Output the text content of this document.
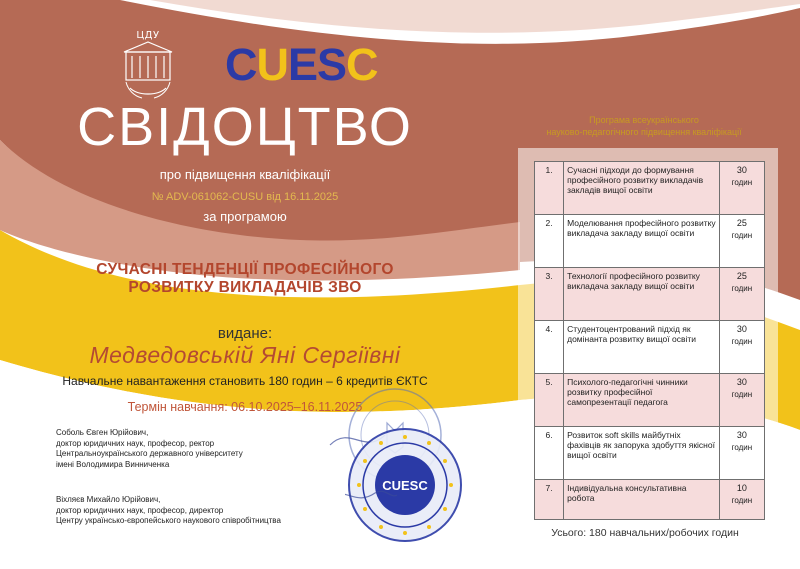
ЦДУ
CUESC
СВІДОЦТВО
про підвищення кваліфікації
№ ADV-061062-CUSU від 16.11.2025
за програмою
СУЧАСНІ ТЕНДЕНЦІЇ ПРОФЕСІЙНОГО РОЗВИТКУ ВИКЛАДАЧІВ ЗВО
видане:
Медведовській Яні Сергіївні
Навчальне навантаження становить 180 годин – 6 кредитів ЄКТС
Термін навчання: 06.10.2025–16.11.2025
Соболь Євген Юрійович,
доктор юридичних наук, професор, ректор
Центральноукраїнського державного університету
імені Володимира Винниченка
Віхляєв Михайло Юрійович,
доктор юридичних наук, професор, директор
Центру українсько-європейського наукового співробітництва
CUESC
Програма всеукраїнського
науково-педагогічного підвищення кваліфікації
1.	Сучасні підходи до формування професійного розвитку викладачів закладів вищої освіти	30
годин

2.	Моделювання професійного розвитку викладача закладу вищої освіти	25
годин

3.	Технології професійного розвитку викладача закладу вищої освіти	25
годин

4.	Студентоцентрований підхід як домінанта розвитку вищої освіти	30
годин

5.	Психолого-педагогічні чинники розвитку професійної самопрезентації педагога	30
годин

6.	Розвиток soft skills майбутніх фахівців як запорука здобуття якісної вищої освіти	30
годин

7.	Індивідуальна консультативна робота	10
годин
Усього: 180 навчальних/робочих годин
